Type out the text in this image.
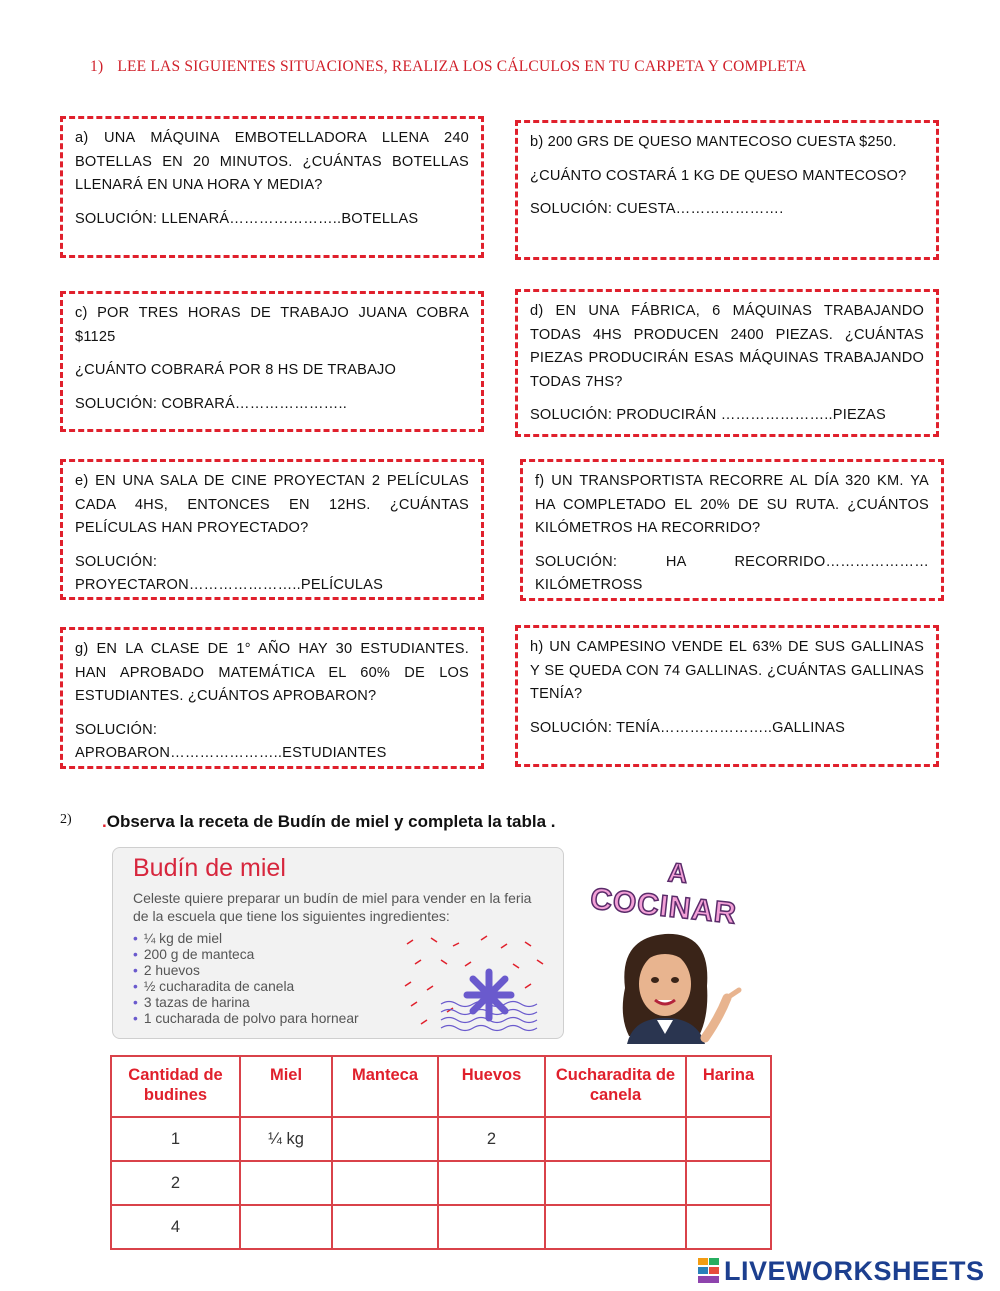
1) LEE LAS SIGUIENTES SITUACIONES, REALIZA LOS CÁLCULOS EN TU CARPETA Y COMPLETA

a) UNA MÁQUINA EMBOTELLADORA LLENA 240 BOTELLAS EN 20 MINUTOS. ¿CUÁNTAS BOTELLAS LLENARÁ EN UNA HORA Y MEDIA?

SOLUCIÓN: LLENARÁ…………………..BOTELLAS

b) 200 GRS DE QUESO MANTECOSO CUESTA $250.

¿CUÁNTO COSTARÁ 1 KG DE QUESO MANTECOSO?

SOLUCIÓN: CUESTA………………….

c) POR TRES HORAS DE TRABAJO JUANA COBRA $1125

¿CUÁNTO COBRARÁ POR 8 HS DE TRABAJO

SOLUCIÓN: COBRARÁ…………………..

d) EN UNA FÁBRICA, 6 MÁQUINAS TRABAJANDO TODAS 4HS PRODUCEN 2400 PIEZAS. ¿CUÁNTAS PIEZAS PRODUCIRÁN ESAS MÁQUINAS TRABAJANDO TODAS 7HS?

SOLUCIÓN: PRODUCIRÁN …………………..PIEZAS

e) EN UNA SALA DE CINE PROYECTAN 2 PELÍCULAS CADA 4HS, ENTONCES EN 12HS. ¿CUÁNTAS PELÍCULAS HAN PROYECTADO?

SOLUCIÓN: PROYECTARON…………………..PELÍCULAS

f) UN TRANSPORTISTA RECORRE AL DÍA 320 KM. YA HA COMPLETADO EL 20% DE SU RUTA. ¿CUÁNTOS KILÓMETROS HA RECORRIDO?

SOLUCIÓN: HA RECORRIDO…………………KILÓMETROSS

g) EN LA CLASE DE 1° AÑO HAY 30 ESTUDIANTES. HAN APROBADO MATEMÁTICA EL 60% DE LOS ESTUDIANTES. ¿CUÁNTOS APROBARON?

SOLUCIÓN: APROBARON…………………..ESTUDIANTES

h) UN CAMPESINO VENDE EL 63% DE SUS GALLINAS Y SE QUEDA CON 74 GALLINAS. ¿CUÁNTAS GALLINAS TENÍA?

SOLUCIÓN: TENÍA…………………..GALLINAS

2) .Observa la receta de Budín de miel y completa la tabla .
Budín de miel
Celeste quiere preparar un budín de miel para vender en la feria de la escuela que tiene los siguientes ingredientes:
• ¼ kg de miel
• 200 g de manteca
• 2 huevos
• ½ cucharadita de canela
• 3 tazas de harina
• 1 cucharada de polvo para hornear
A
COCINAR
Cantidad de budines	Miel	Manteca	Huevos	Cucharadita de canela	Harina
1	¼ kg		2		
2					
4					
LIVEWORKSHEETS
